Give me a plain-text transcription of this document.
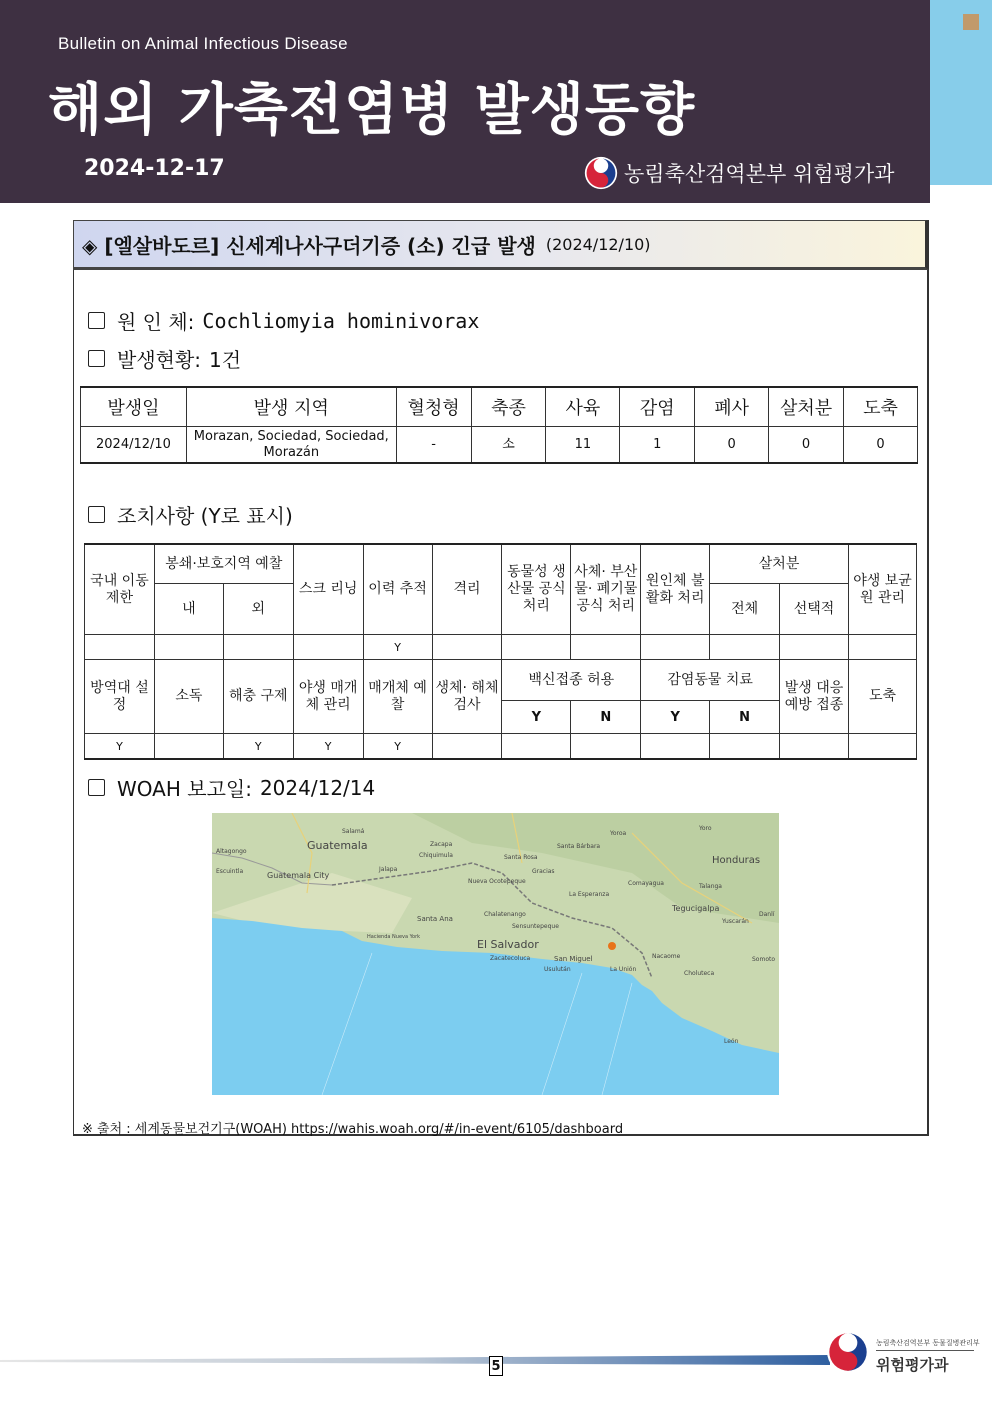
Bulletin on Animal Infectious Disease
해외 가축전염병 발생동향
2024-12-17	농림축산검역본부 위험평가과
◈ [엘살바도르] 신세계나사구더기증 (소) 긴급 발생 (2024/12/10)
원 인 체: Cochliomyia hominivorax
발생현황: 1건
발생일	발생 지역	혈청형	축종	사육	감염	폐사	살처분	도축
2024/12/10	Morazan, Sociedad, Sociedad, Morazán	-	소	11	1	0	0	0
조치사항 (Y로 표시)
국내 이동 제한	봉쇄·보호지역 예찰		스크 리닝	이력 추적	격리	동물성 생산물 공식 처리	사체· 부산물· 폐기물 공식 처리	원인체 불활화 처리	살처분		야생 보균원 관리
	내	외							전체	선택적	
				Y							
방역대 설정	소독	해충 구제	야생 매개체 관리	매개체 예찰	생체· 해체 검사	백신접종 허용		감염동물 치료		발생 대응 예방 접종	도축
						Y	N	Y	N		
Y		Y	Y	Y							
WOAH 보고일: 2024/12/14
Guatemala
Honduras
El Salvador
Tegucigalpa
San Miguel
Santa Ana
Guatemala City
Salamá
Zacapa
Chiquimula	Santa Rosa
Yoro
Comayagua
La Esperanza
Jalapa
Nueva Ocotepeque
Gracias
Santa Bárbara
Yuscarán
Choluteca
Nacaome
La Unión
Usulután
Zacatecoluca
Chalatenango
Sensuntepeque
Talanga
Danlí
Hacienda Nueva York
León
Somoto
Escuintla
Altagongo
Yoroa
※ 출처 : 세계동물보건기구(WOAH) https://wahis.woah.org/#/in-event/6105/dashboard
5
농림축산검역본부 동물질병관리부
위험평가과
